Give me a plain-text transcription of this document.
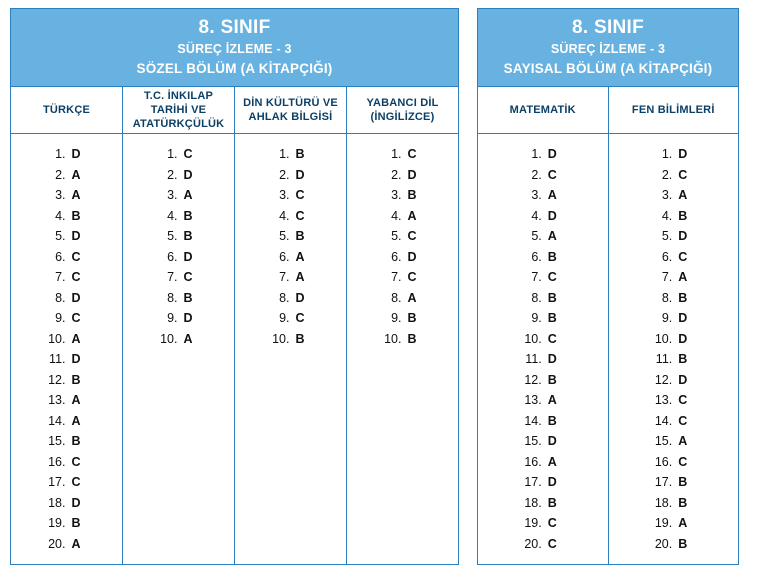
8. SINIF
SÜREÇ İZLEME - 3
SÖZEL BÖLÜM (A KİTAPÇIĞI)
TÜRKÇE
1. D
2. A
3. A
4. B
5. D
6. C
7. C
8. D
9. C
10. A
11. D
12. B
13. A
14. A
15. B
16. C
17. C
18. D
19. B
20. A
T.C. İNKILAP TARİHİ VE ATATÜRKÇÜLÜK
1. C
2. D
3. A
4. B
5. B
6. D
7. C
8. B
9. D
10. A
DİN KÜLTÜRÜ VE AHLAK BİLGİSİ
1. B
2. D
3. C
4. C
5. B
6. A
7. A
8. D
9. C
10. B
YABANCI DİL (İNGİLİZCE)
1. C
2. D
3. B
4. A
5. C
6. D
7. C
8. A
9. B
10. B
8. SINIF
SÜREÇ İZLEME - 3
SAYISAL BÖLÜM (A KİTAPÇIĞI)
MATEMATİK
1. D
2. C
3. A
4. D
5. A
6. B
7. C
8. B
9. B
10. C
11. D
12. B
13. A
14. B
15. D
16. A
17. D
18. B
19. C
20. C
FEN BİLİMLERİ
1. D
2. C
3. A
4. B
5. D
6. C
7. A
8. B
9. D
10. D
11. B
12. D
13. C
14. C
15. A
16. C
17. B
18. B
19. A
20. B
